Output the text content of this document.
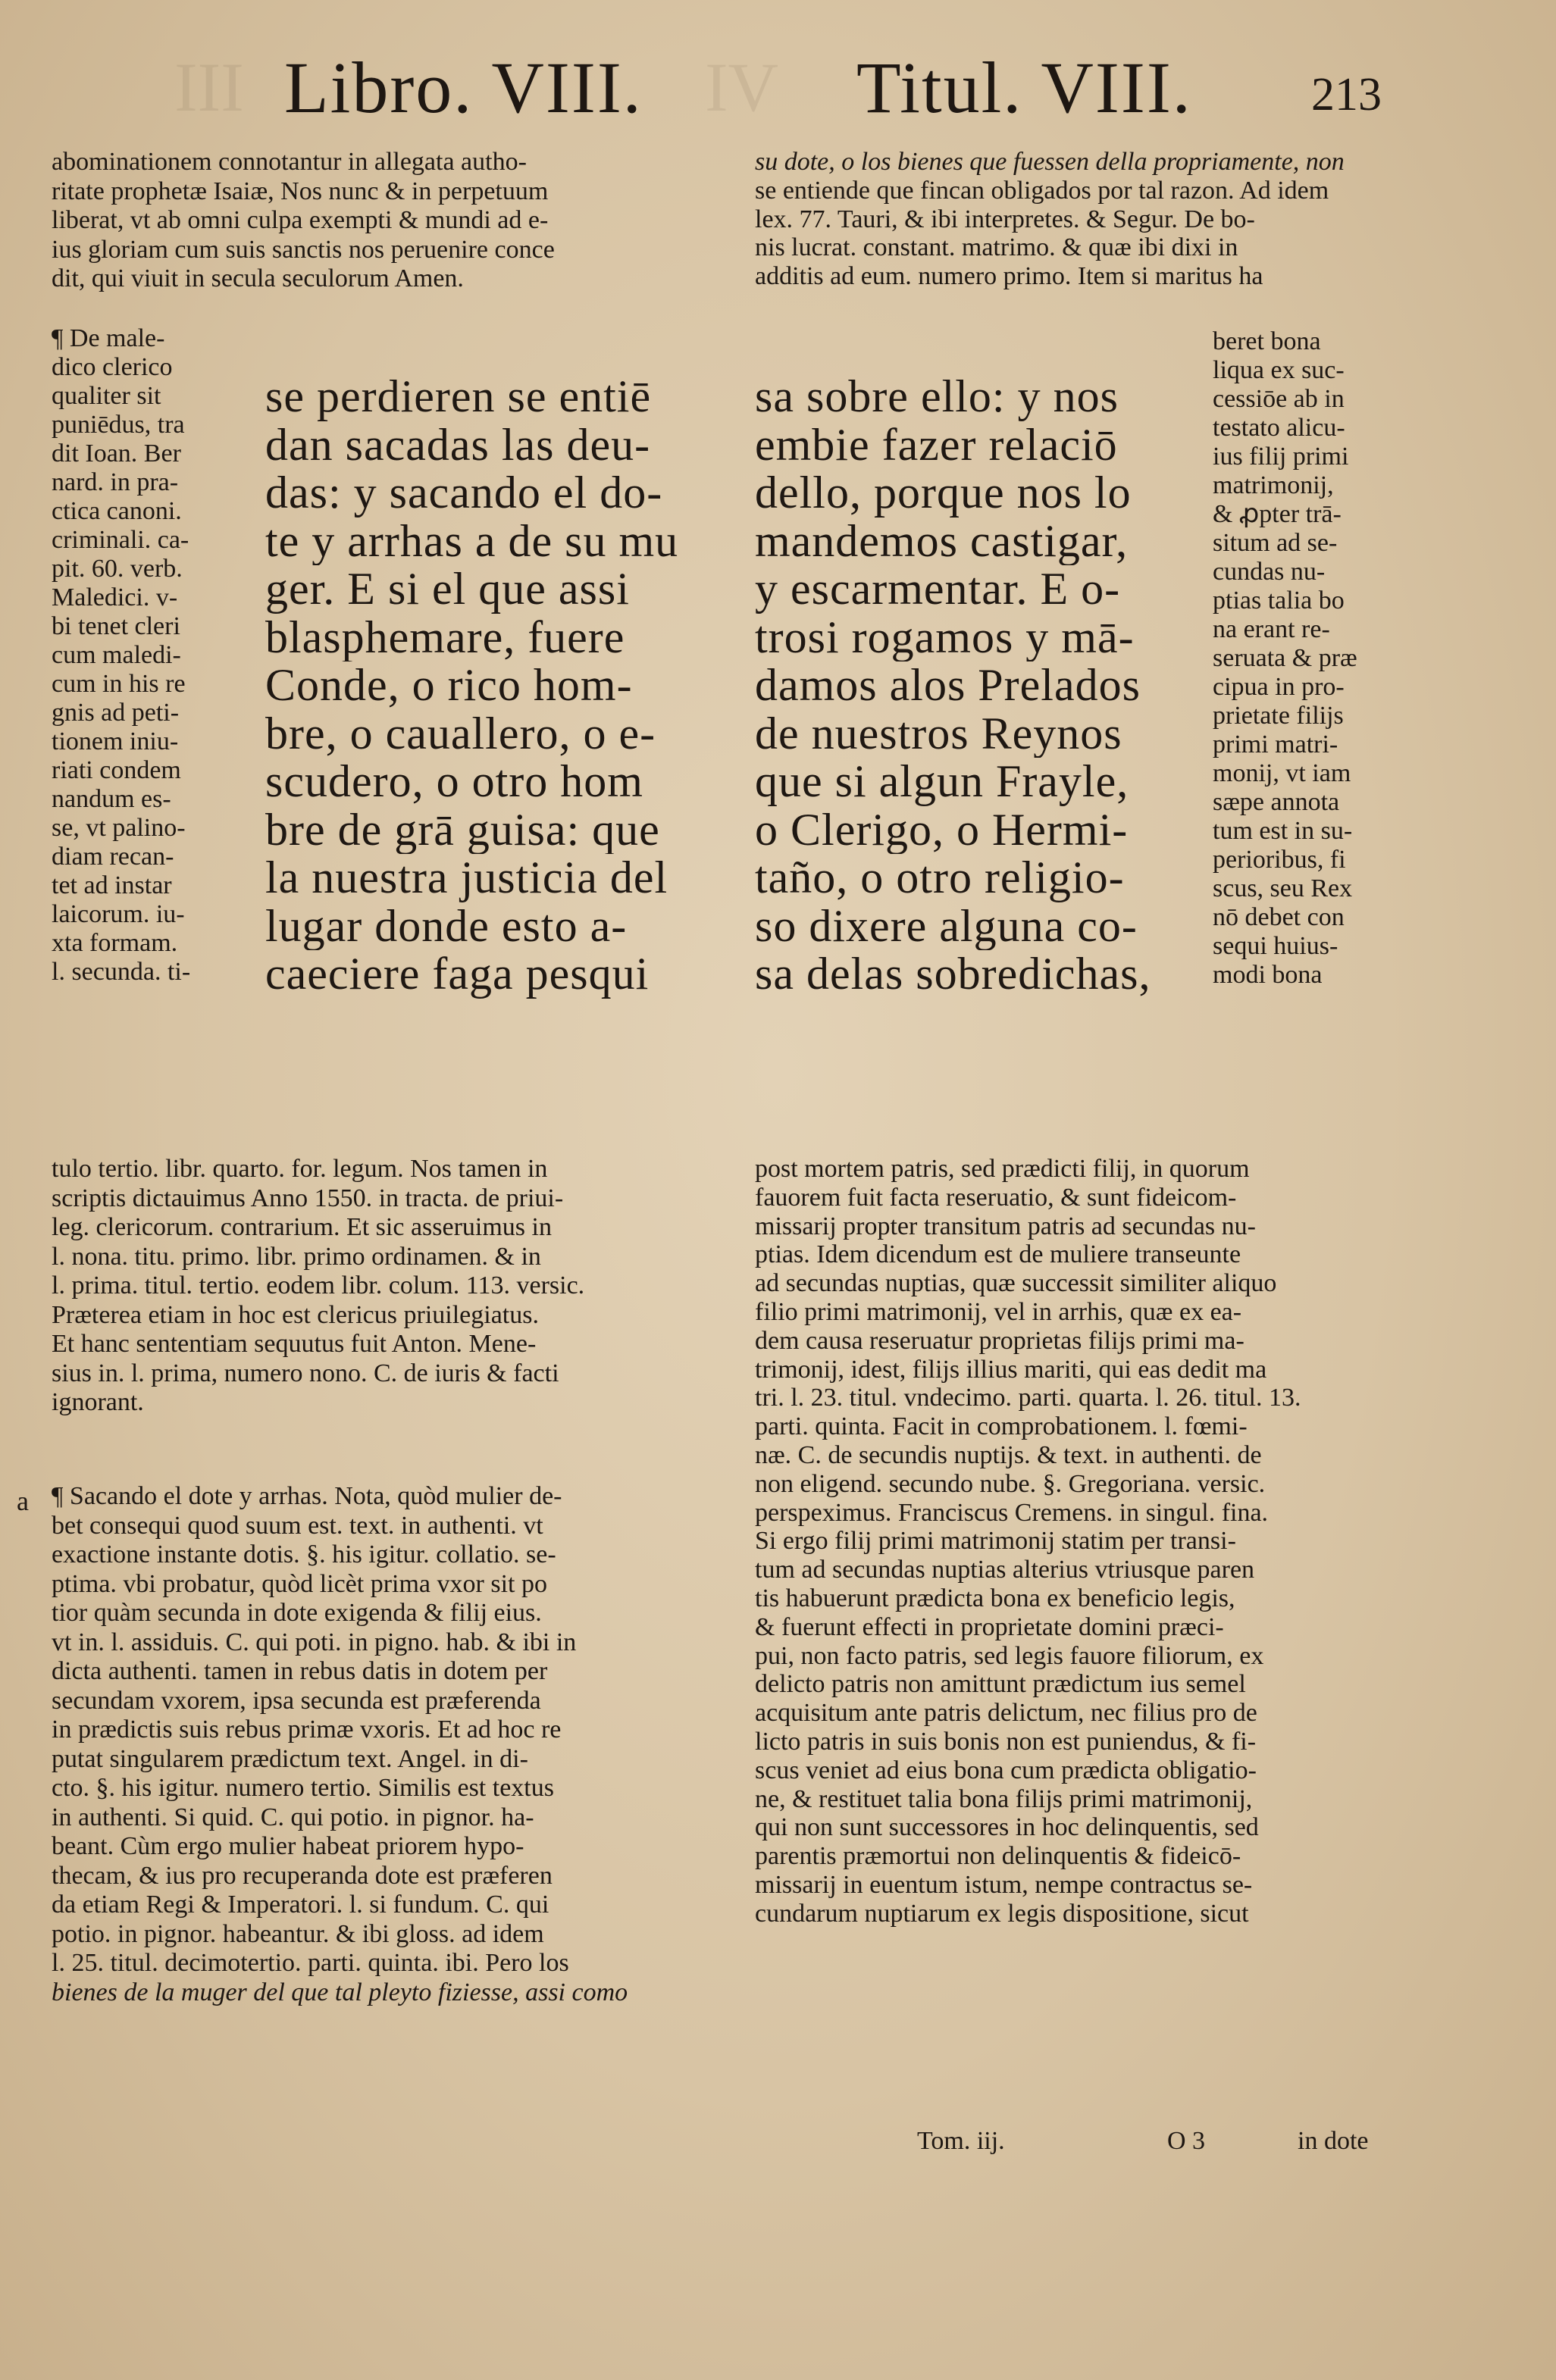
III	IV
Libro. VIII.	Titul. VIII.	213
abominationem connotantur in allegata autho-
ritate prophetæ Isaiæ, Nos nunc & in perpetuum
liberat, vt ab omni culpa exempti & mundi ad e-
ius gloriam cum suis sanctis nos peruenire conce
dit, qui viuit in secula seculorum Amen.
¶ De male-
dico clerico
qualiter sit
puniēdus, tra
dit Ioan. Ber
nard. in pra-
ctica canoni.
criminali. ca-
pit. 60. verb.
Maledici. v-
bi tenet cleri
cum maledi-
cum in his re
gnis ad peti-
tionem iniu-
riati condem
nandum es-
se, vt palino-
diam recan-
tet ad instar
laicorum. iu-
xta formam.
l. secunda. ti-
se perdieren se entiē
dan sacadas las deu-
das: y sacando el do-
te y arrhas a de su mu
ger. E si el que assi
blasphemare, fuere
Conde, o rico hom-
bre, o cauallero, o e-
scudero, o otro hom
bre de grā guisa: que
la nuestra justicia del
lugar donde esto a-
caeciere faga pesqui
tulo tertio. libr. quarto. for. legum. Nos tamen in
scriptis dictauimus Anno 1550. in tracta. de priui-
leg. clericorum. contrarium. Et sic asseruimus in
l. nona. titu. primo. libr. primo ordinamen. & in
l. prima. titul. tertio. eodem libr. colum. 113. versic.
Præterea etiam in hoc est clericus priuilegiatus.
Et hanc sententiam sequutus fuit Anton. Mene-
sius in. l. prima, numero nono. C. de iuris & facti
ignorant.
a ¶ Sacando el dote y arrhas. Nota, quòd mulier de-
bet consequi quod suum est. text. in authenti. vt
exactione instante dotis. §. his igitur. collatio. se-
ptima. vbi probatur, quòd licèt prima vxor sit po
tior quàm secunda in dote exigenda & filij eius.
vt in. l. assiduis. C. qui poti. in pigno. hab. & ibi in
dicta authenti. tamen in rebus datis in dotem per
secundam vxorem, ipsa secunda est præferenda
in prædictis suis rebus primæ vxoris. Et ad hoc re
putat singularem prædictum text. Angel. in di-
cto. §. his igitur. numero tertio. Similis est textus
in authenti. Si quid. C. qui potio. in pignor. ha-
beant. Cùm ergo mulier habeat priorem hypo-
thecam, & ius pro recuperanda dote est præferen
da etiam Regi & Imperatori. l. si fundum. C. qui
potio. in pignor. habeantur. & ibi gloss. ad idem
l. 25. titul. decimotertio. parti. quinta. ibi. Pero los
bienes de la muger del que tal pleyto fiziesse, assi como
su dote, o los bienes que fuessen della propriamente, non
se entiende que fincan obligados por tal razon. Ad idem
lex. 77. Tauri, & ibi interpretes. & Segur. De bo-
nis lucrat. constant. matrimo. & quæ ibi dixi in
additis ad eum. numero primo. Item si maritus ha
sa sobre ello: y nos
embie fazer relaciō
dello, porque nos lo
mandemos castigar,
y escarmentar. E o-
trosi rogamos y mā-
damos alos Prelados
de nuestros Reynos
que si algun Frayle,
o Clerigo, o Hermi-
taño, o otro religio-
so dixere alguna co-
sa delas sobredichas,
beret bona
liqua ex suc-
cessiōe ab in
testato alicu-
ius filij primi
matrimonij,
& ꝓpter trā-
situm ad se-
cundas nu-
ptias talia bo
na erant re-
seruata & præ
cipua in pro-
prietate filijs
primi matri-
monij, vt iam
sæpe annota
tum est in su-
perioribus, fi
scus, seu Rex
nō debet con
sequi huius-
modi bona
post mortem patris, sed prædicti filij, in quorum
fauorem fuit facta reseruatio, & sunt fideicom-
missarij propter transitum patris ad secundas nu-
ptias. Idem dicendum est de muliere transeunte
ad secundas nuptias, quæ successit similiter aliquo
filio primi matrimonij, vel in arrhis, quæ ex ea-
dem causa reseruatur proprietas filijs primi ma-
trimonij, idest, filijs illius mariti, qui eas dedit ma
tri. l. 23. titul. vndecimo. parti. quarta. l. 26. titul. 13.
parti. quinta. Facit in comprobationem. l. fœmi-
næ. C. de secundis nuptijs. & text. in authenti. de
non eligend. secundo nube. §. Gregoriana. versic.
perspeximus. Franciscus Cremens. in singul. fina.
Si ergo filij primi matrimonij statim per transi-
tum ad secundas nuptias alterius vtriusque paren
tis habuerunt prædicta bona ex beneficio legis,
& fuerunt effecti in proprietate domini præci-
pui, non facto patris, sed legis fauore filiorum, ex
delicto patris non amittunt prædictum ius semel
acquisitum ante patris delictum, nec filius pro de
licto patris in suis bonis non est puniendus, & fi-
scus veniet ad eius bona cum prædicta obligatio-
ne, & restituet talia bona filijs primi matrimonij,
qui non sunt successores in hoc delinquentis, sed
parentis præmortui non delinquentis & fideicō-
missarij in euentum istum, nempe contractus se-
cundarum nuptiarum ex legis dispositione, sicut
Tom. iij.	O 3	in dote
